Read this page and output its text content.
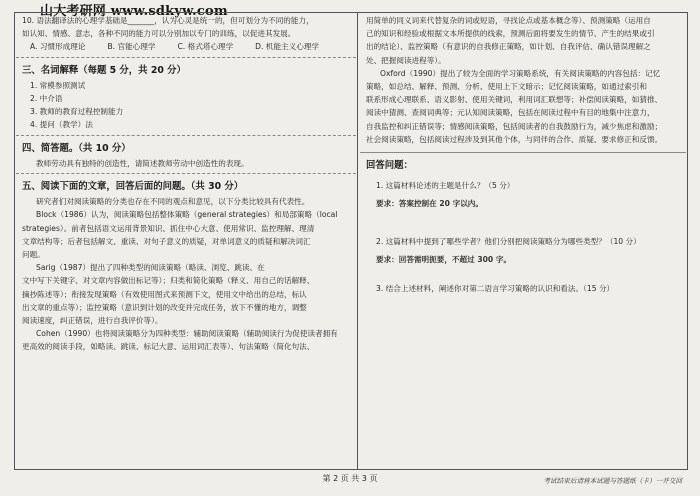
山大考研网 www.sdkyw.com
10. 语法翻译法的心理学基础是_______，认为心灵是统一的，但可划分为不同的能力，
如认知、情感、意志，各种不同的能力可以分别加以专门的训练，以促进其发展。
A. 习惯形成理论	B. 官能心理学	C. 格式塔心理学	D. 机能主义心理学
三、名词解释（每题 5 分，共 20 分）
1. 常模参照测试
2. 中介语
3. 教师的教育过程控制能力
4. 提问（教学）法
四、简答题。（共 10 分）
教师劳动具有独特的创造性，请简述教师劳动中创造性的表现。
五、阅读下面的文章，回答后面的问题。（共 30 分）
研究者们对阅读策略的分类也存在不同的观点和意见，以下分类比较具有代表性。
Block（1986）认为，阅读策略包括整体策略（general strategies）和局部策略（local
strategies）。前者包括语文运用背景知识、抓住中心大意、使用常识、监控理解、理清
文章结构等；后者包括解文、重读、对句子意义的质疑，对单词意义的质疑和解决词汇
问题。
Sarig（1987）提出了四种类型的阅读策略（略读、浏览、跳读、在
文中写下关键字、对文章内容做出标记等）；归类和简化策略（释义、用自己的话解释、
摘抄陈述等）；衔接发现策略（有效使用图式来预测下文，使用文中给出的总结，标认
出文章的重点等）；监控策略（意识到计划的改变并完成任务，放下不懂的地方，调整
阅读速度，纠正错误，进行自我评价等）。
Cohen（1990）也将阅读策略分为四种类型：辅助阅读策略（辅助阅读行为促使读者拥有
更高效的阅读手段，如略读、跳读、标记大意、运用词汇表等）、句法策略（简化句法、
用简单的同义词来代替复杂的词或短语，寻找论点或基本概念等）、预测策略（运用自
己的知识和经验或根据文本所提供的线索，预测后面将要发生的情节、产生的结果或引
出的结论）、监控策略（有意识的自我修正策略，如计划、自我评估、确认错误理解之
处、把握阅读进程等）。
Oxford（1990）提出了较为全面的学习策略系统，有关阅读策略的内容包括：记忆
策略，如总结、解释、预测、分析、使用上下文暗示；记忆阅读策略，如通过索引和
联系形成心理联系、语义影射、使用关键词，利用词汇联想等；补偿阅读策略，如猜推、
阅读中猜测、查阅词典等；元认知阅读策略，包括在阅读过程中有目的地集中注意力，
自我监控和纠正错误等；情感阅读策略，包括阅读者的自我鼓励行为，减少焦虑和激励；
社会阅读策略，包括阅读过程涉及到其他个体，与同伴的合作、质疑、要求修正和反馈。
回答问题：
1. 这篇材料论述的主题是什么？（5 分）
要求：答案控制在 20 字以内。
2. 这篇材料中提到了哪些学者？他们分别把阅读策略分为哪些类型？（10 分）
要求：回答需明扼要，不超过 300 字。
3. 结合上述材料，阐述你对第二语言学习策略的认识和看法。（15 分）
第 2 页 共 3 页	考试结束后请将本试题与答题纸（卡）一并交回
